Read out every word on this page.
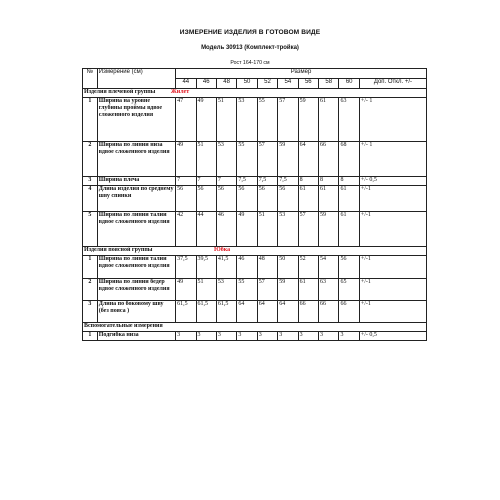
ИЗМЕРЕНИЕ ИЗДЕЛИЯ В ГОТОВОМ ВИДЕ
Модель 30913 (Комплект-тройка)
Рост 164-170 см
№	Измерение (см)	Размер									
		44	46	48	50	52	54	56	58	60	Доп. Откл. +/-
Изделия плечевой группы Жилет											
1	Ширина на уровне глубины проймы вдвое сложенного изделия	47	49	51	53	55	57	59	61	63	+/- 1
2	Ширина по линии низа вдвое сложенного изделия	49	51	53	55	57	59	64	66	68	+/- 1
3	Ширина плеча	7	7	7	7,5	7,5	7,5	8	8	8	+/- 0,5
4	Длина изделия по среднему шву спинки	56	56	56	56	56	56	61	61	61	+/-1
5	Ширина по линии талии вдвое сложенного изделия	42	44	46	49	51	53	57	59	61	+/-1
Изделия поясной группы Юбка											
1	Ширина по линии талии вдвое сложенного изделия	37,5	39,5	41,5	46	48	50	52	54	56	+/-1
2	Ширина по линии бедер вдвое сложенного изделия	49	51	53	55	57	59	61	63	65	+/-1
3	Длина по боковому шву (без пояса )	61,5	61,5	61,5	64	64	64	66	66	66	+/-1
Вспомогательные измерения											
1	Подгибка низа	3	3	3	3	3	3	3	3	3	+/- 0,5
